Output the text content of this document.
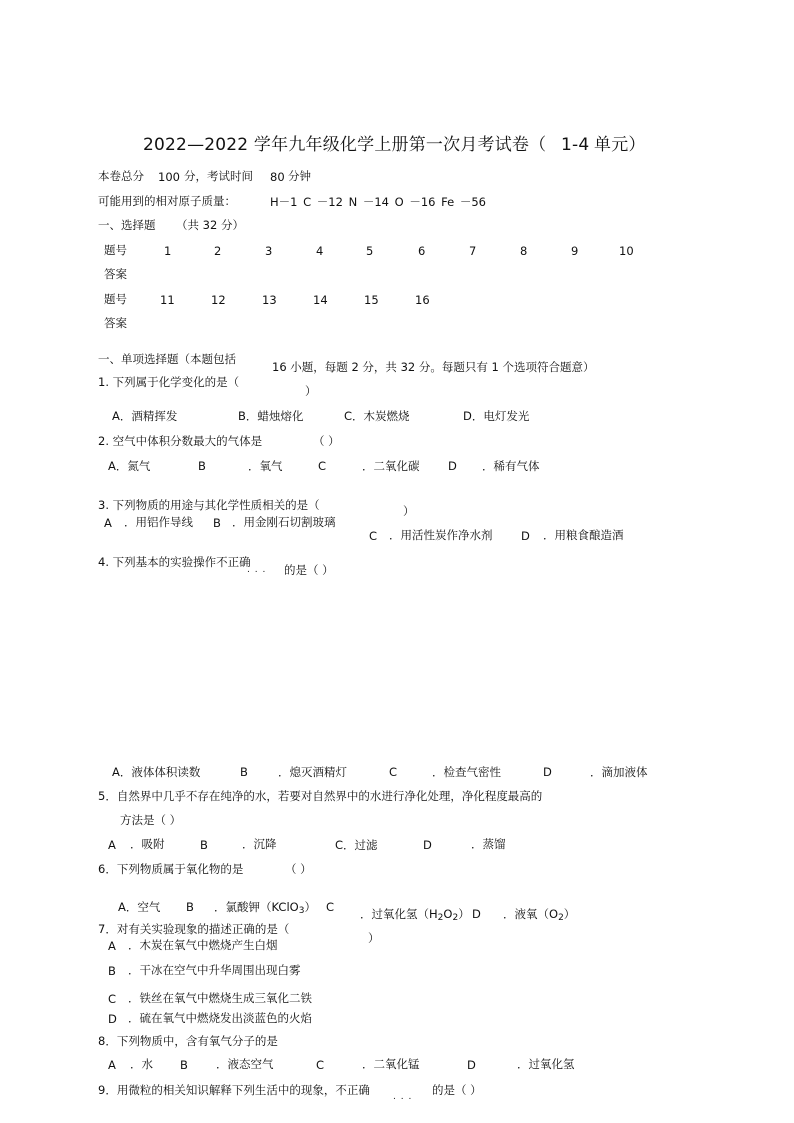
2022—2022 学年九年级化学上册第一次月考试卷（ 1-4 单元）
本卷总分 100 分，考试时间 80 分钟
可能用到的相对原子质量：	H－1 C －12 N －14 O －16 Fe －56
一、选择题 （共 32 分）
题号	1	2	3	4	5	6	7	8	9	10
答案
题号	11	12	13	14	15	16
答案
一、单项选择题（本题包括
16 小题，每题 2 分，共 32 分。每题只有 1 个选项符合题意）
1. 下列属于化学变化的是（
）
A．酒精挥发	B．蜡烛熔化	C．木炭燃烧	D．电灯发光
2. 空气中体积分数最大的气体是	（ ）
A．氮气	B	．氧气	C	．二氧化碳 D ．稀有气体
3. 下列物质的用途与其化学性质相关的是（	）
A ．用铝作导线 B ．用金刚石切割玻璃
C ．用活性炭作净水剂 D ．用粮食酿造酒
4. 下列基本的实验操作不正确
. . . 的是（ ）
A．液体体积读数	B	．熄灭酒精灯	C	．检查气密性	D	．滴加液体
5．自然界中几乎不存在纯净的水，若要对自然界中的水进行净化处理，净化程度最高的
方法是（ ）
A ．吸附	B	．沉降	C．过滤	D	．蒸馏
6．下列物质属于氧化物的是	（ ）
A．空气 B ．氯酸钾（KClO$_3$） C ．过氧化氢$(H_2O_2)$ D ．液氧$(O_2)$
7．对有关实验现象的描述正确的是（
）
A ．木炭在氧气中燃烧产生白烟
B ．干冰在空气中升华周围出现白雾
C ．铁丝在氧气中燃烧生成三氧化二铁
D ．硫在氧气中燃烧发出淡蓝色的火焰
8．下列物质中，含有氧气分子的是
A ．水 B ．液态空气	C	．二氧化锰	D	．过氧化氢
9．用微粒的相关知识解释下列生活中的现象，不正确	. . . 的是（ ）
